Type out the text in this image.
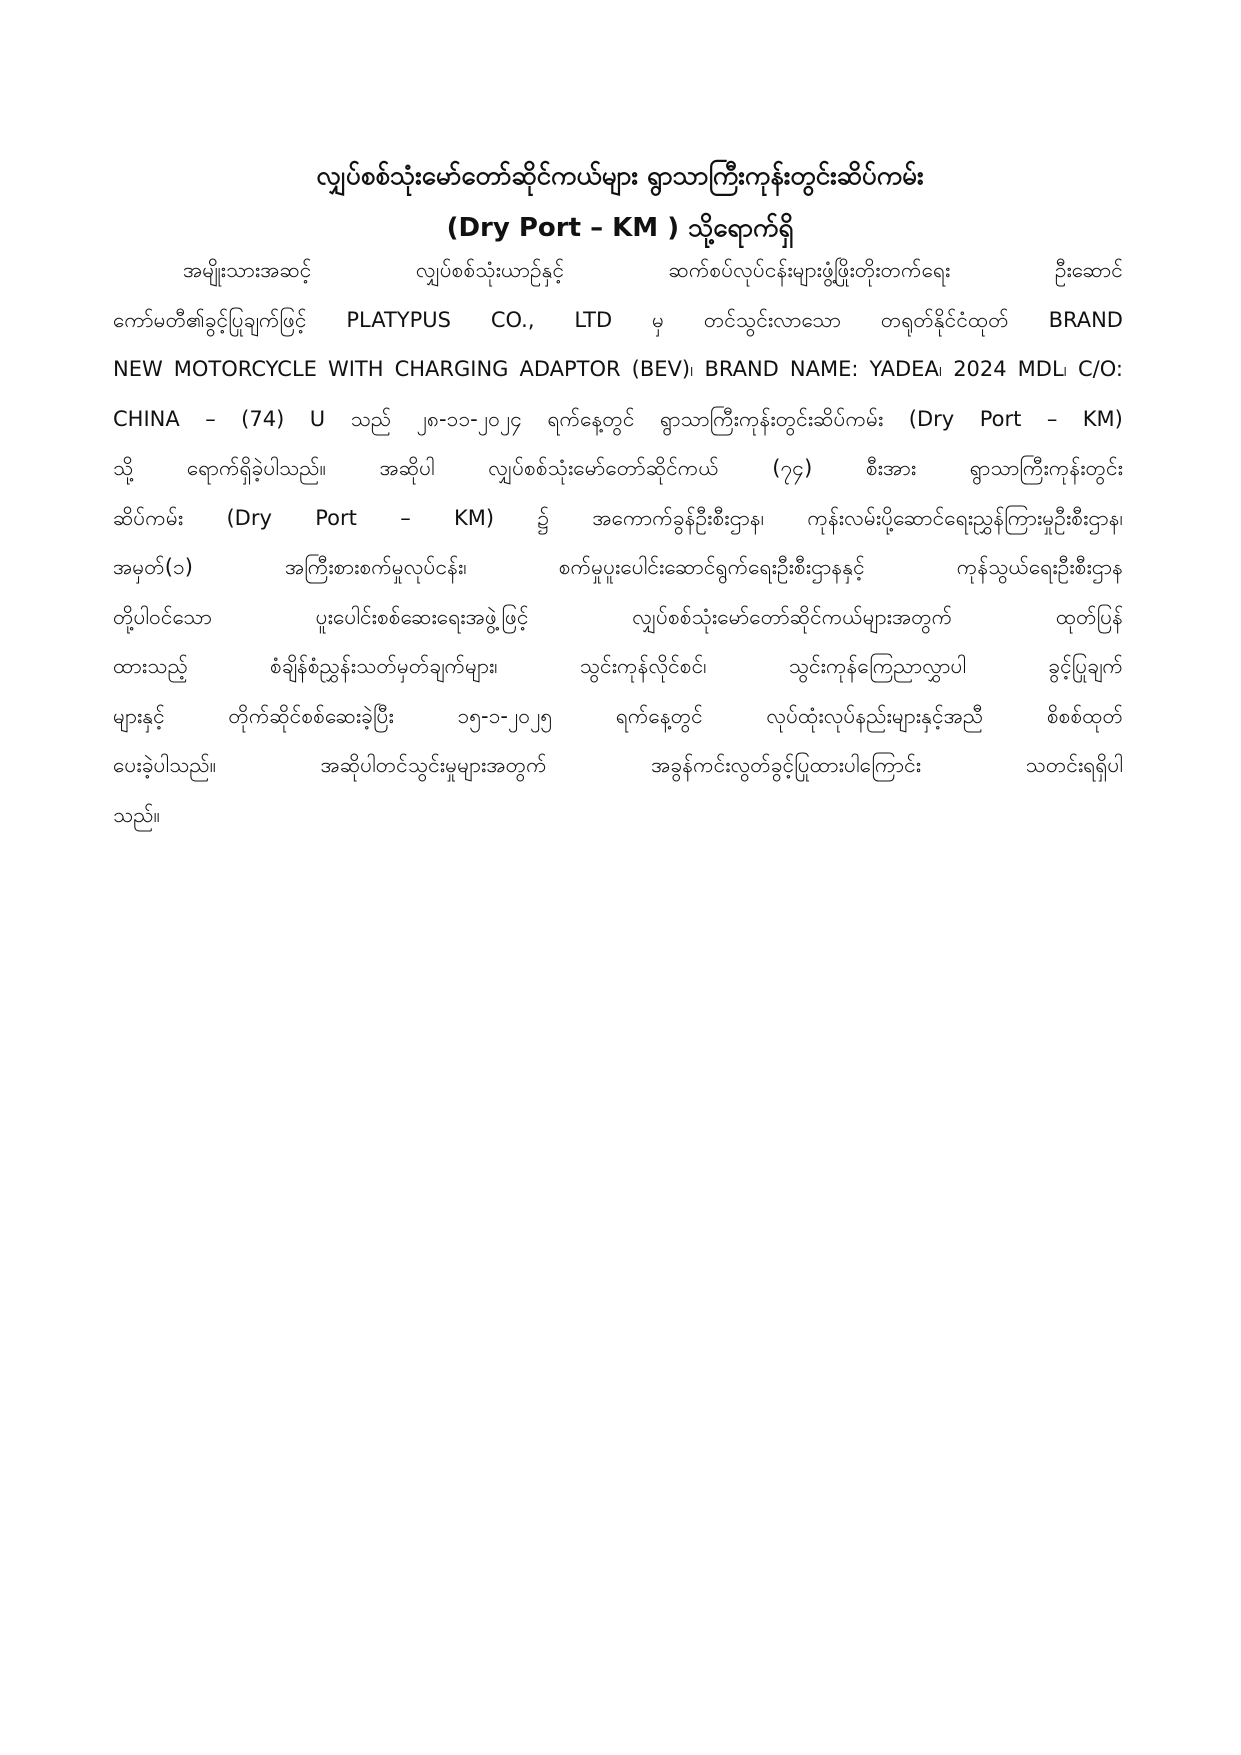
လျှပ်စစ်သုံးမော်တော်ဆိုင်ကယ်များ ရွာသာကြီးကုန်းတွင်းဆိပ်ကမ်း
(Dry Port – KM ) သို့ရောက်ရှိ
အမျိုးသားအဆင့်	လျှပ်စစ်သုံးယာဉ်နှင့်	ဆက်စပ်လုပ်ငန်းများဖွံ့ဖြိုးတိုးတက်ရေး	ဦးဆောင်
ကော်မတီ၏ခွင့်ပြုချက်ဖြင့် PLATYPUS CO., LTD မှ တင်သွင်းလာသော တရုတ်နိုင်ငံထုတ် BRAND
NEW MOTORCYCLE WITH CHARGING ADAPTOR (BEV)၊ BRAND NAME: YADEA၊ 2024 MDL၊ C/O:
CHINA – (74) U သည် ၂၈-၁၁-၂၀၂၄ ရက်နေ့တွင် ရွာသာကြီးကုန်းတွင်းဆိပ်ကမ်း (Dry Port – KM)
သို့	ရောက်ရှိခဲ့ပါသည်။	အဆိုပါ	လျှပ်စစ်သုံးမော်တော်ဆိုင်ကယ်	(၇၄)	စီးအား	ရွာသာကြီးကုန်းတွင်း
ဆိပ်ကမ်း (Dry Port – KM) ၌ အကောက်ခွန်ဦးစီးဌာန၊ ကုန်းလမ်းပို့ဆောင်ရေးညွှန်ကြားမှုဦးစီးဌာန၊
အမှတ်(၁)	အကြီးစားစက်မှုလုပ်ငန်း၊	စက်မှုပူးပေါင်းဆောင်ရွက်ရေးဦးစီးဌာနနှင့်	ကုန်သွယ်ရေးဦးစီးဌာန
တို့ပါဝင်သော	ပူးပေါင်းစစ်ဆေးရေးအဖွဲ့ဖြင့်	လျှပ်စစ်သုံးမော်တော်ဆိုင်ကယ်များအတွက်	ထုတ်ပြန်
ထားသည့်	စံချိန်စံညွှန်းသတ်မှတ်ချက်များ၊	သွင်းကုန်လိုင်စင်၊	သွင်းကုန်ကြေညာလွှာပါ	ခွင့်ပြုချက်
များနှင့်	တိုက်ဆိုင်စစ်ဆေးခဲ့ပြီး	၁၅-၁-၂၀၂၅	ရက်နေ့တွင်	လုပ်ထုံးလုပ်နည်းများနှင့်အညီ	စိစစ်ထုတ်
ပေးခဲ့ပါသည်။	အဆိုပါတင်သွင်းမှုများအတွက်	အခွန်ကင်းလွတ်ခွင့်ပြုထားပါကြောင်း	သတင်းရရှိပါ
သည်။
